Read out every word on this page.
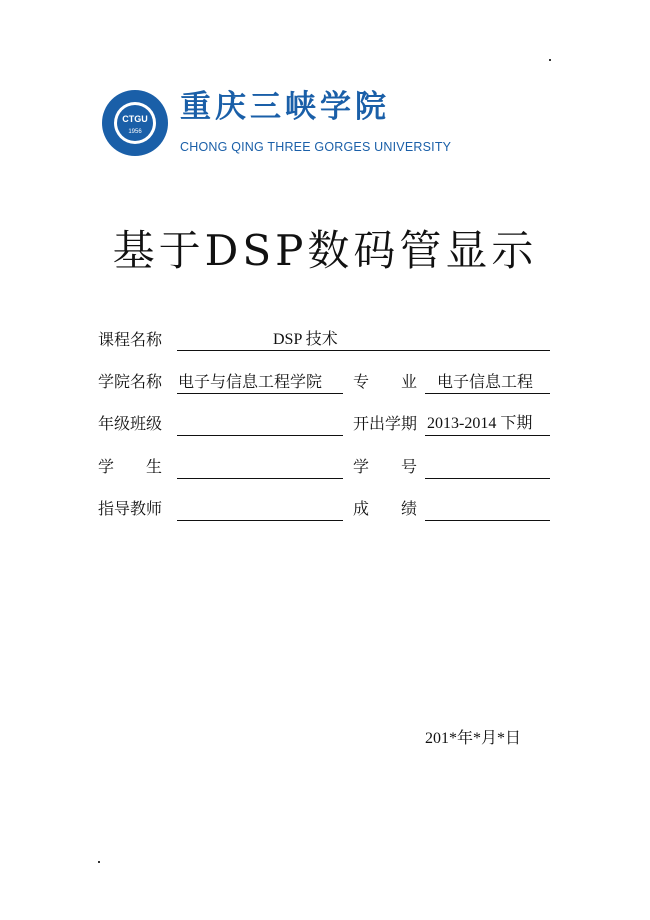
CTGU
1956
重庆三峡学院
CHONG QING THREE GORGES UNIVERSITY
基于DSP数码管显示
课程名称	DSP 技术
学院名称 电子与信息工程学院 专　　业 电子信息工程
年级班级	开出学期 2013-2014 下期
学　　生	学　　号
指导教师	成　　绩
201*年*月*日
